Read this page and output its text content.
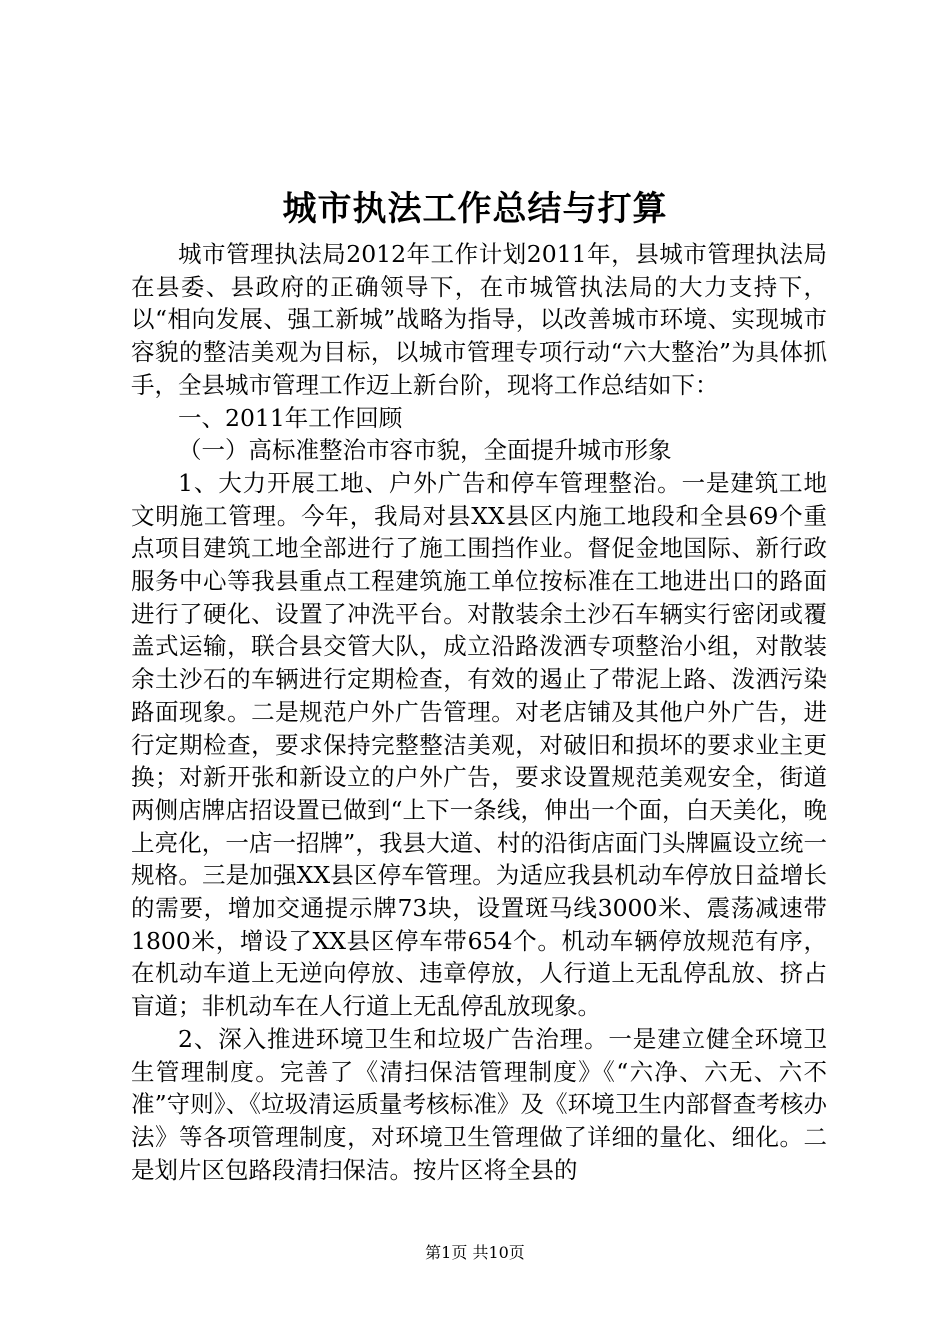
城市执法工作总结与打算

城市管理执法局2012年工作计划2011年，县城市管理执法局在县委、县政府的正确领导下，在市城管执法局的大力支持下，以“相向发展、强工新城”战略为指导，以改善城市环境、实现城市容貌的整洁美观为目标，以城市管理专项行动“六大整治”为具体抓手，全县城市管理工作迈上新台阶，现将工作总结如下：

一、2011年工作回顾

（一）高标准整治市容市貌，全面提升城市形象

1、大力开展工地、户外广告和停车管理整治。一是建筑工地文明施工管理。今年，我局对县XX县区内施工地段和全县69个重点项目建筑工地全部进行了施工围挡作业。督促金地国际、新行政服务中心等我县重点工程建筑施工单位按标准在工地进出口的路面进行了硬化、设置了冲洗平台。对散装余土沙石车辆实行密闭或覆盖式运输，联合县交管大队，成立沿路泼洒专项整治小组，对散装余土沙石的车辆进行定期检查，有效的遏止了带泥上路、泼洒污染路面现象。二是规范户外广告管理。对老店铺及其他户外广告，进行定期检查，要求保持完整整洁美观，对破旧和损坏的要求业主更换；对新开张和新设立的户外广告，要求设置规范美观安全，街道两侧店牌店招设置已做到“上下一条线，伸出一个面，白天美化，晚上亮化，一店一招牌”，我县大道、村的沿街店面门头牌匾设立统一规格。三是加强XX县区停车管理。为适应我县机动车停放日益增长的需要，增加交通提示牌73块，设置斑马线3000米、震荡减速带1800米，增设了XX县区停车带654个。机动车辆停放规范有序，在机动车道上无逆向停放、违章停放，人行道上无乱停乱放、挤占盲道；非机动车在人行道上无乱停乱放现象。

2、深入推进环境卫生和垃圾广告治理。一是建立健全环境卫生管理制度。完善了《清扫保洁管理制度》《“六净、六无、六不准”守则》、《垃圾清运质量考核标准》及《环境卫生内部督查考核办法》等各项管理制度，对环境卫生管理做了详细的量化、细化。二是划片区包路段清扫保洁。按片区将全县的

第1页 共10页
